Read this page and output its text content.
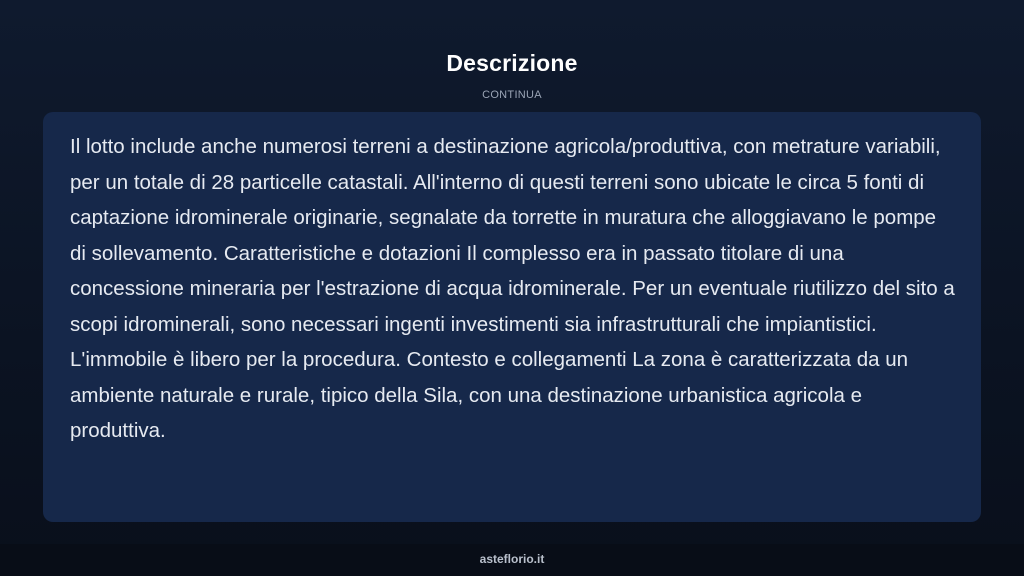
Descrizione
CONTINUA

Il lotto include anche numerosi terreni a destinazione agricola/produttiva, con metrature variabili, per un totale di 28 particelle catastali. All'interno di questi terreni sono ubicate le circa 5 fonti di captazione idrominerale originarie, segnalate da torrette in muratura che alloggiavano le pompe di sollevamento. Caratteristiche e dotazioni Il complesso era in passato titolare di una concessione mineraria per l'estrazione di acqua idrominerale. Per un eventuale riutilizzo del sito a scopi idrominerali, sono necessari ingenti investimenti sia infrastrutturali che impiantistici. L'immobile è libero per la procedura. Contesto e collegamenti La zona è caratterizzata da un ambiente naturale e rurale, tipico della Sila, con una destinazione urbanistica agricola e produttiva.

asteflorio.it
